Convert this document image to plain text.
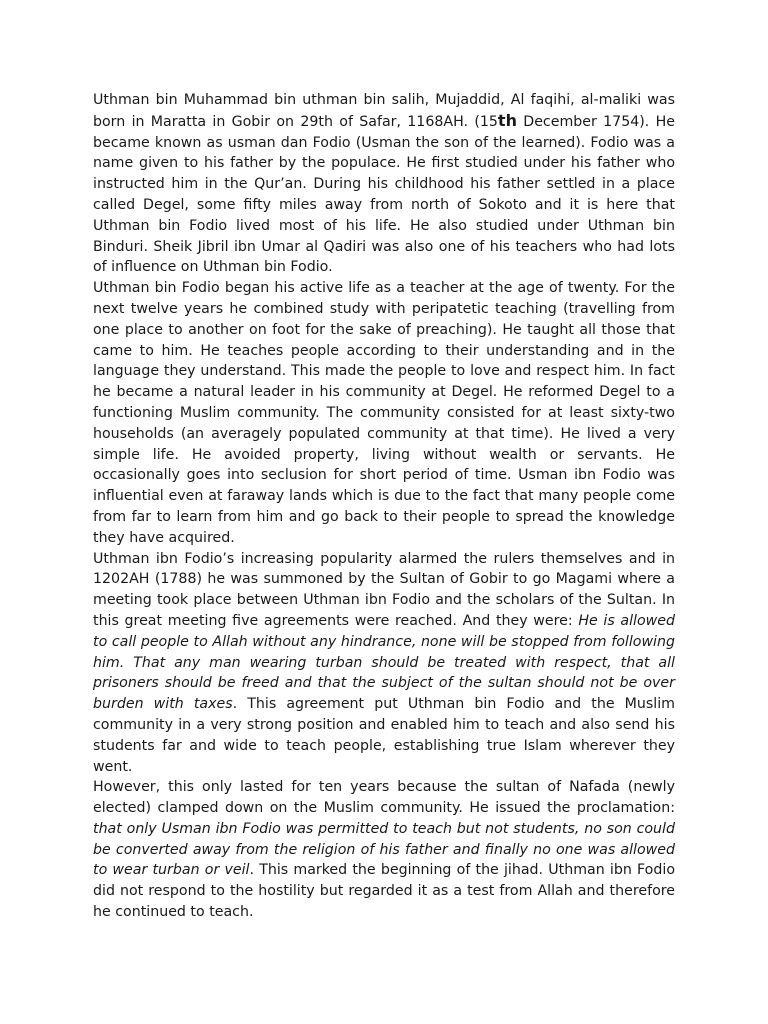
Uthman bin Muhammad bin uthman bin salih, Mujaddid, Al faqihi, al-maliki was born in Maratta in Gobir on 29th of Safar, 1168AH. (15th December 1754). He became known as usman dan Fodio (Usman the son of the learned). Fodio was a name given to his father by the populace. He first studied under his father who instructed him in the Qur’an. During his childhood his father settled in a place called Degel, some fifty miles away from north of Sokoto and it is here that Uthman bin Fodio lived most of his life. He also studied under Uthman bin Binduri. Sheik Jibril ibn Umar al Qadiri was also one of his teachers who had lots of influence on Uthman bin Fodio.

Uthman bin Fodio began his active life as a teacher at the age of twenty. For the next twelve years he combined study with peripatetic teaching (travelling from one place to another on foot for the sake of preaching). He taught all those that came to him. He teaches people according to their understanding and in the language they understand. This made the people to love and respect him. In fact he became a natural leader in his community at Degel. He reformed Degel to a functioning Muslim community. The community consisted for at least sixty-two households (an averagely populated community at that time). He lived a very simple life. He avoided property, living without wealth or servants. He occasionally goes into seclusion for short period of time. Usman ibn Fodio was influential even at faraway lands which is due to the fact that many people come from far to learn from him and go back to their people to spread the knowledge they have acquired.

Uthman ibn Fodio’s increasing popularity alarmed the rulers themselves and in 1202AH (1788) he was summoned by the Sultan of Gobir to go Magami where a meeting took place between Uthman ibn Fodio and the scholars of the Sultan. In this great meeting five agreements were reached. And they were: He is allowed to call people to Allah without any hindrance, none will be stopped from following him. That any man wearing turban should be treated with respect, that all prisoners should be freed and that the subject of the sultan should not be over burden with taxes. This agreement put Uthman bin Fodio and the Muslim community in a very strong position and enabled him to teach and also send his students far and wide to teach people, establishing true Islam wherever they went.

However, this only lasted for ten years because the sultan of Nafada (newly elected) clamped down on the Muslim community. He issued the proclamation: that only Usman ibn Fodio was permitted to teach but not students, no son could be converted away from the religion of his father and finally no one was allowed to wear turban or veil. This marked the beginning of the jihad. Uthman ibn Fodio did not respond to the hostility but regarded it as a test from Allah and therefore he continued to teach.
